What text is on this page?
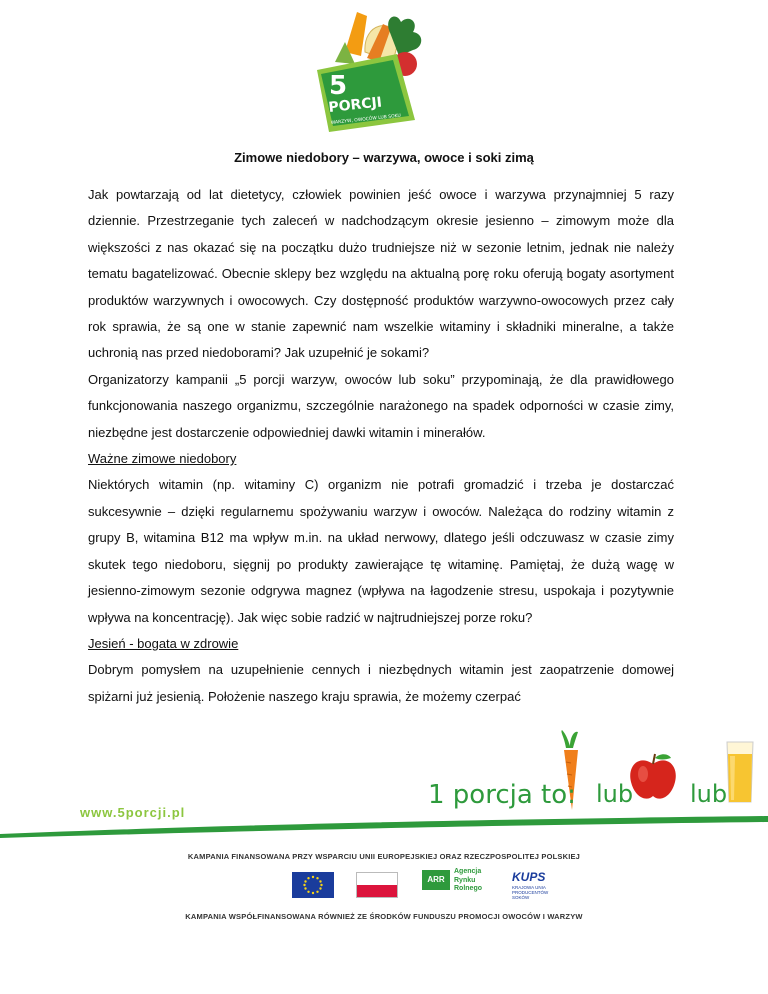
5
PORCJI
WARZYW, OWOCÓW LUB SOKU
Zimowe niedobory – warzywa, owoce i soki zimą

Jak powtarzają od lat dietetycy, człowiek powinien jeść owoce i warzywa przynajmniej 5 razy dziennie. Przestrzeganie tych zaleceń w nadchodzącym okresie jesienno – zimowym może dla większości z nas okazać się na początku dużo trudniejsze niż w sezonie letnim, jednak nie należy tematu bagatelizować. Obecnie sklepy bez względu na aktualną porę roku oferują bogaty asortyment produktów warzywnych i owocowych. Czy dostępność produktów warzywno-owocowych przez cały rok sprawia, że są one w stanie zapewnić nam wszelkie witaminy i składniki mineralne, a także uchronią nas przed niedoborami? Jak uzupełnić je sokami?

Organizatorzy kampanii „5 porcji warzyw, owoców lub soku” przypominają, że dla prawidłowego funkcjonowania naszego organizmu, szczególnie narażonego na spadek odporności w czasie zimy, niezbędne jest dostarczenie odpowiedniej dawki witamin i minerałów.

Ważne zimowe niedobory

Niektórych witamin (np. witaminy C) organizm nie potrafi gromadzić i trzeba je dostarczać sukcesywnie – dzięki regularnemu spożywaniu warzyw i owoców. Należąca do rodziny witamin z grupy B, witamina B12 ma wpływ m.in. na układ nerwowy, dlatego jeśli odczuwasz w czasie zimy skutek tego niedoboru, sięgnij po produkty zawierające tę witaminę. Pamiętaj, że dużą wagę w jesienno-zimowym sezonie odgrywa magnez (wpływa na łagodzenie stresu, uspokaja i pozytywnie wpływa na koncentrację). Jak więc sobie radzić w najtrudniejszej porze roku?

Jesień - bogata w zdrowie

Dobrym pomysłem na uzupełnienie cennych i niezbędnych witamin jest zaopatrzenie domowej spiżarni już jesienią. Położenie naszego kraju sprawia, że możemy czerpać

1 porcja to: lub lub
www.5porcji.pl
KAMPANIA FINANSOWANA PRZY WSPARCIU UNII EUROPEJSKIEJ ORAZ RZECZPOSPOLITEJ POLSKIEJ
ARR
Agencja
Rynku
Rolnego
KUPS
KRAJOWA UNIA PRODUCENTÓW SOKÓW
KAMPANIA WSPÓŁFINANSOWANA RÓWNIEŻ ZE ŚRODKÓW FUNDUSZU PROMOCJI OWOCÓW I WARZYW
